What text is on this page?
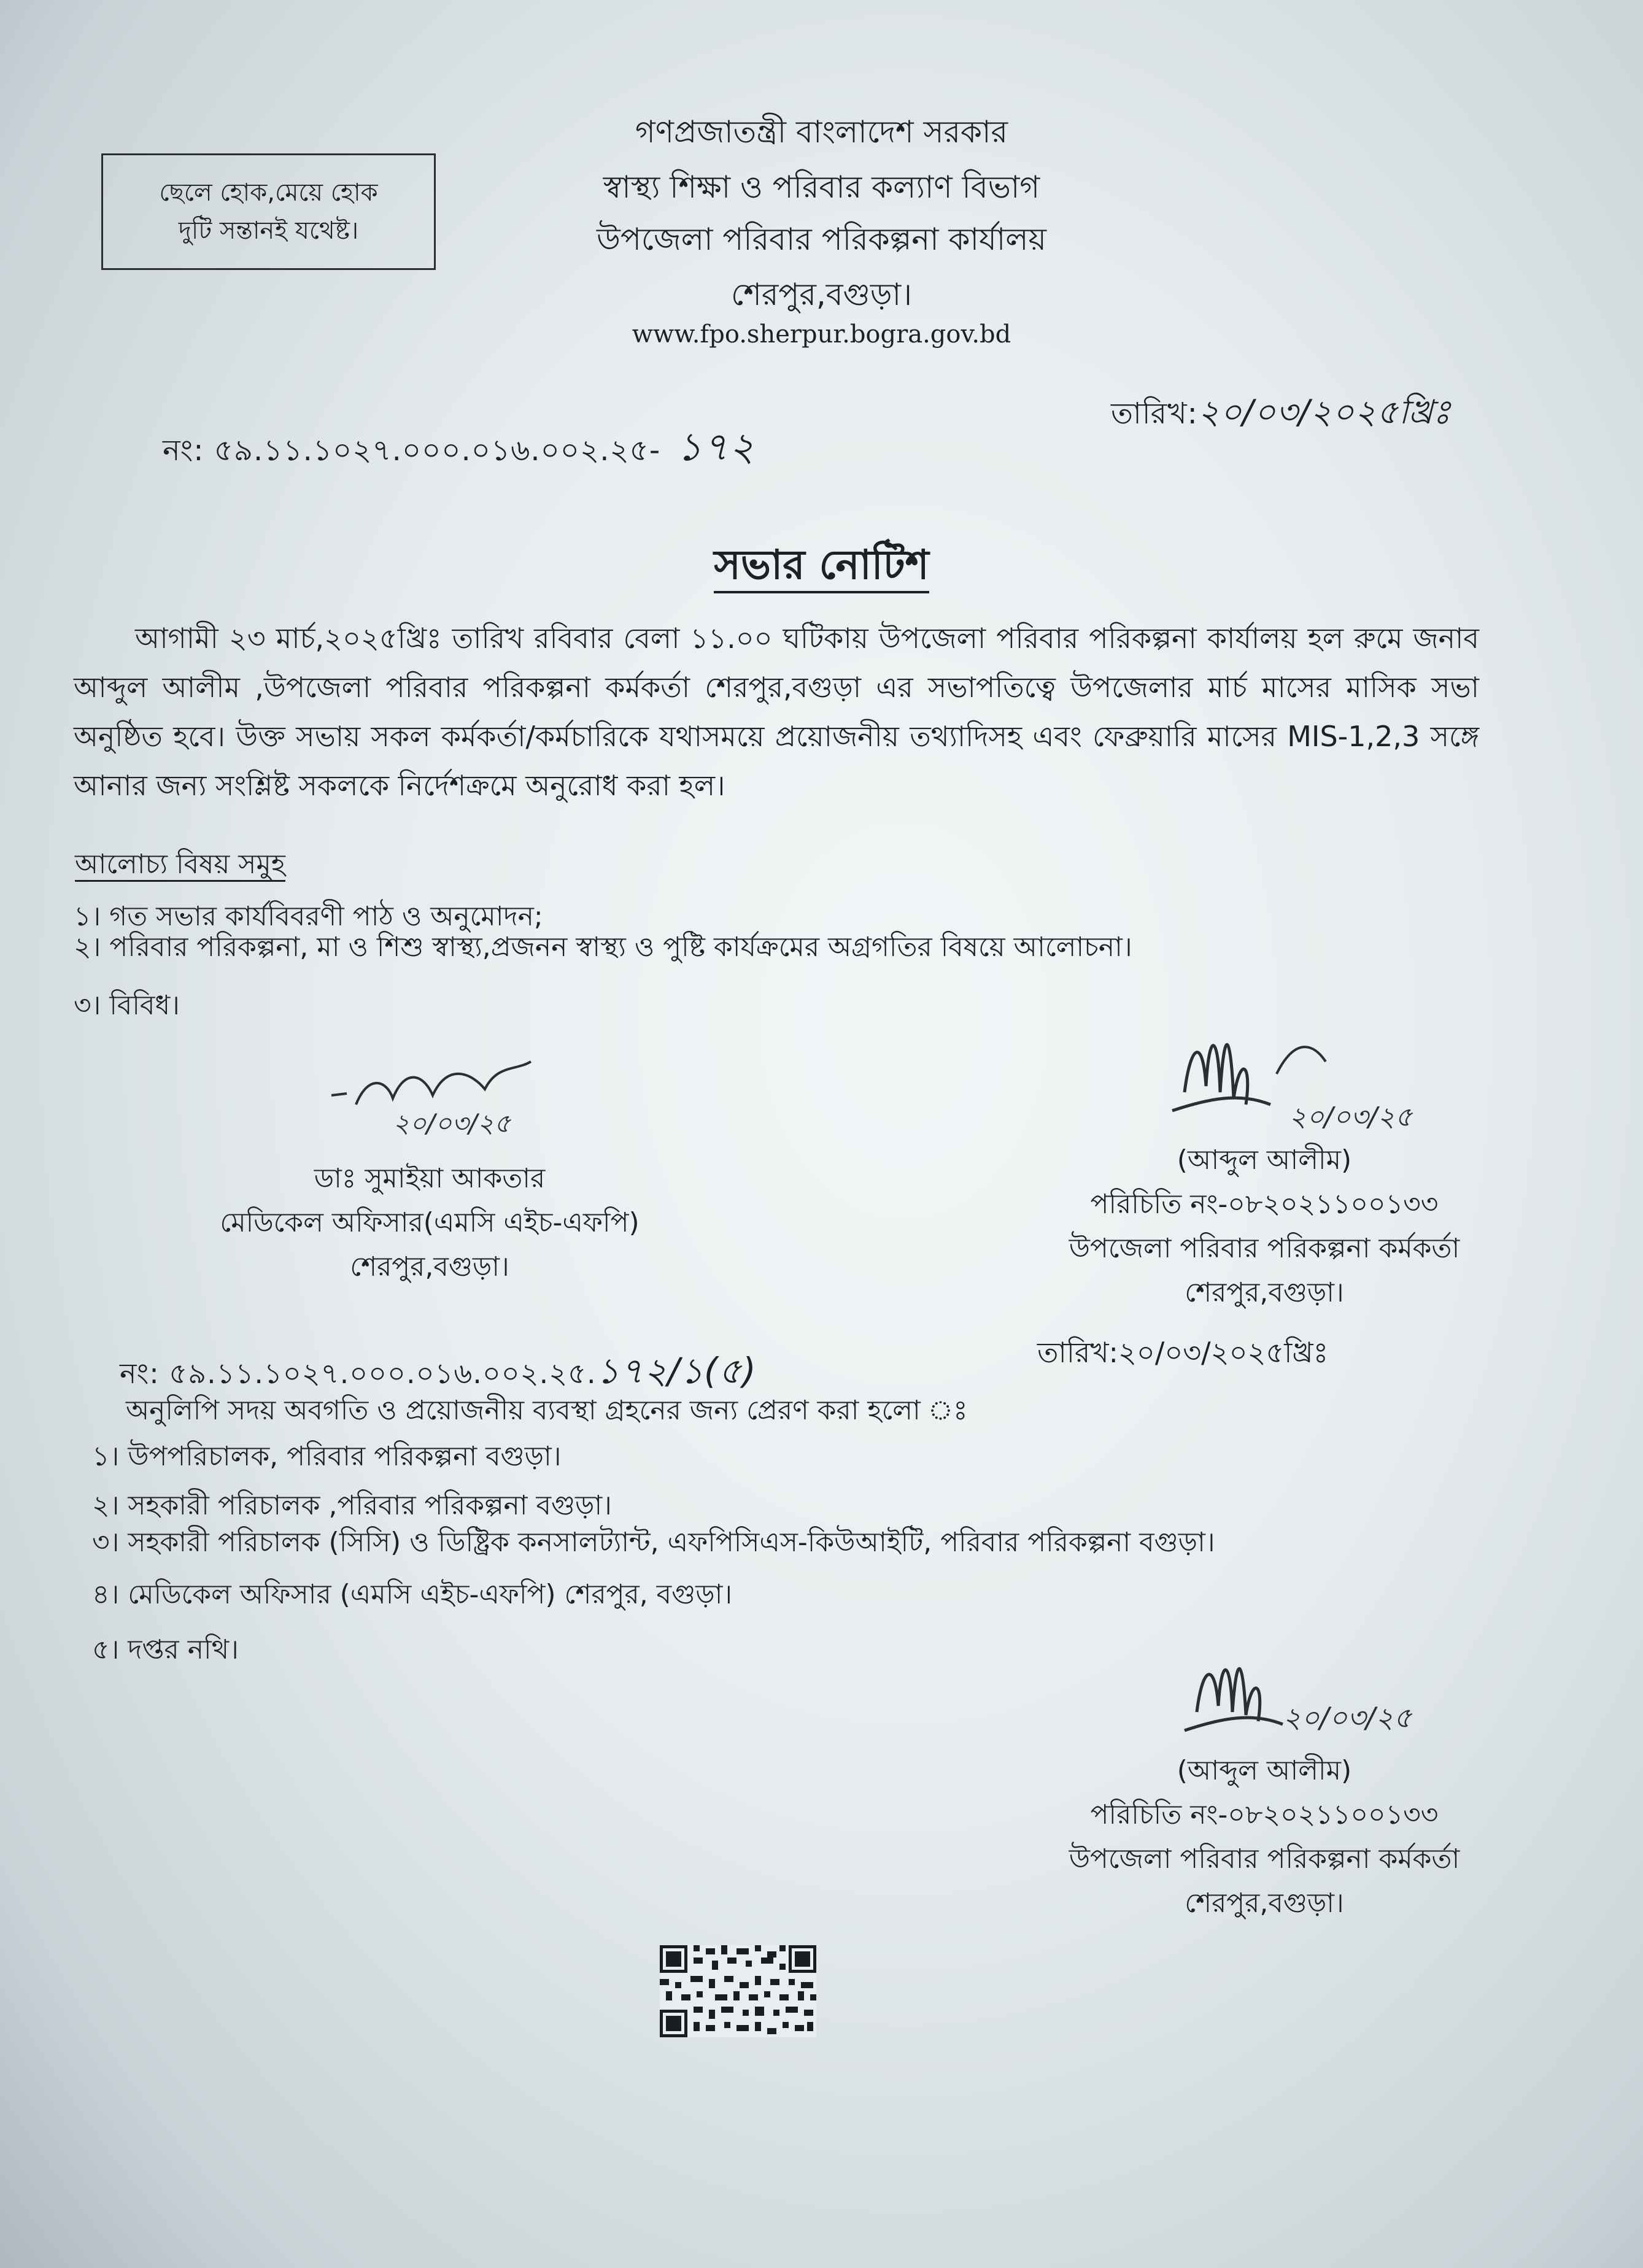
ছেলে হোক,মেয়ে হোক
দুটি সন্তানই যথেষ্ট।
গণপ্রজাতন্ত্রী বাংলাদেশ সরকার
স্বাস্থ্য শিক্ষা ও পরিবার কল্যাণ বিভাগ
উপজেলা পরিবার পরিকল্পনা কার্যালয়
শেরপুর,বগুড়া।
www.fpo.sherpur.bogra.gov.bd
নং: ৫৯.১১.১০২৭.০০০.০১৬.০০২.২৫- ১৭২
তারিখ:২০/০৩/২০২৫খ্রিঃ
সভার নোটিশ
আগামী ২৩ মার্চ,২০২৫খ্রিঃ তারিখ রবিবার বেলা ১১.০০ ঘটিকায় উপজেলা পরিবার পরিকল্পনা কার্যালয় হল রুমে জনাব আব্দুল আলীম ,উপজেলা পরিবার পরিকল্পনা কর্মকর্তা শেরপুর,বগুড়া এর সভাপতিত্বে উপজেলার মার্চ মাসের মাসিক সভা অনুষ্ঠিত হবে। উক্ত সভায় সকল কর্মকর্তা/কর্মচারিকে যথাসময়ে প্রয়োজনীয় তথ্যাদিসহ এবং ফেব্রুয়ারি মাসের MIS-1,2,3 সঙ্গে আনার জন্য সংশ্লিষ্ট সকলকে নির্দেশক্রমে অনুরোধ করা হল।
আলোচ্য বিষয় সমুহ
১। গত সভার কার্যবিবরণী পাঠ ও অনুমোদন;
২। পরিবার পরিকল্পনা, মা ও শিশু স্বাস্থ্য,প্রজনন স্বাস্থ্য ও পুষ্টি কার্যক্রমের অগ্রগতির বিষয়ে আলোচনা।
৩। বিবিধ।
২০/০৩/২৫
ডাঃ সুমাইয়া আকতার
মেডিকেল অফিসার(এমসি এইচ-এফপি)
শেরপুর,বগুড়া।
২০/০৩/২৫
(আব্দুল আলীম)
পরিচিতি নং-০৮২০২১১০০১৩৩
উপজেলা পরিবার পরিকল্পনা কর্মকর্তা
শেরপুর,বগুড়া।
তারিখ:২০/০৩/২০২৫খ্রিঃ
নং: ৫৯.১১.১০২৭.০০০.০১৬.০০২.২৫.১৭২/১(৫)
অনুলিপি সদয় অবগতি ও প্রয়োজনীয় ব্যবস্থা গ্রহনের জন্য প্রেরণ করা হলো ঃ
১। উপপরিচালক, পরিবার পরিকল্পনা বগুড়া।
২। সহকারী পরিচালক ,পরিবার পরিকল্পনা বগুড়া।
৩। সহকারী পরিচালক (সিসি) ও ডিষ্ট্রিক কনসালট্যান্ট, এফপিসিএস-কিউআইটি, পরিবার পরিকল্পনা বগুড়া।
৪। মেডিকেল অফিসার (এমসি এইচ-এফপি) শেরপুর, বগুড়া।
৫। দপ্তর নথি।
২০/০৩/২৫
(আব্দুল আলীম)
পরিচিতি নং-০৮২০২১১০০১৩৩
উপজেলা পরিবার পরিকল্পনা কর্মকর্তা
শেরপুর,বগুড়া।
